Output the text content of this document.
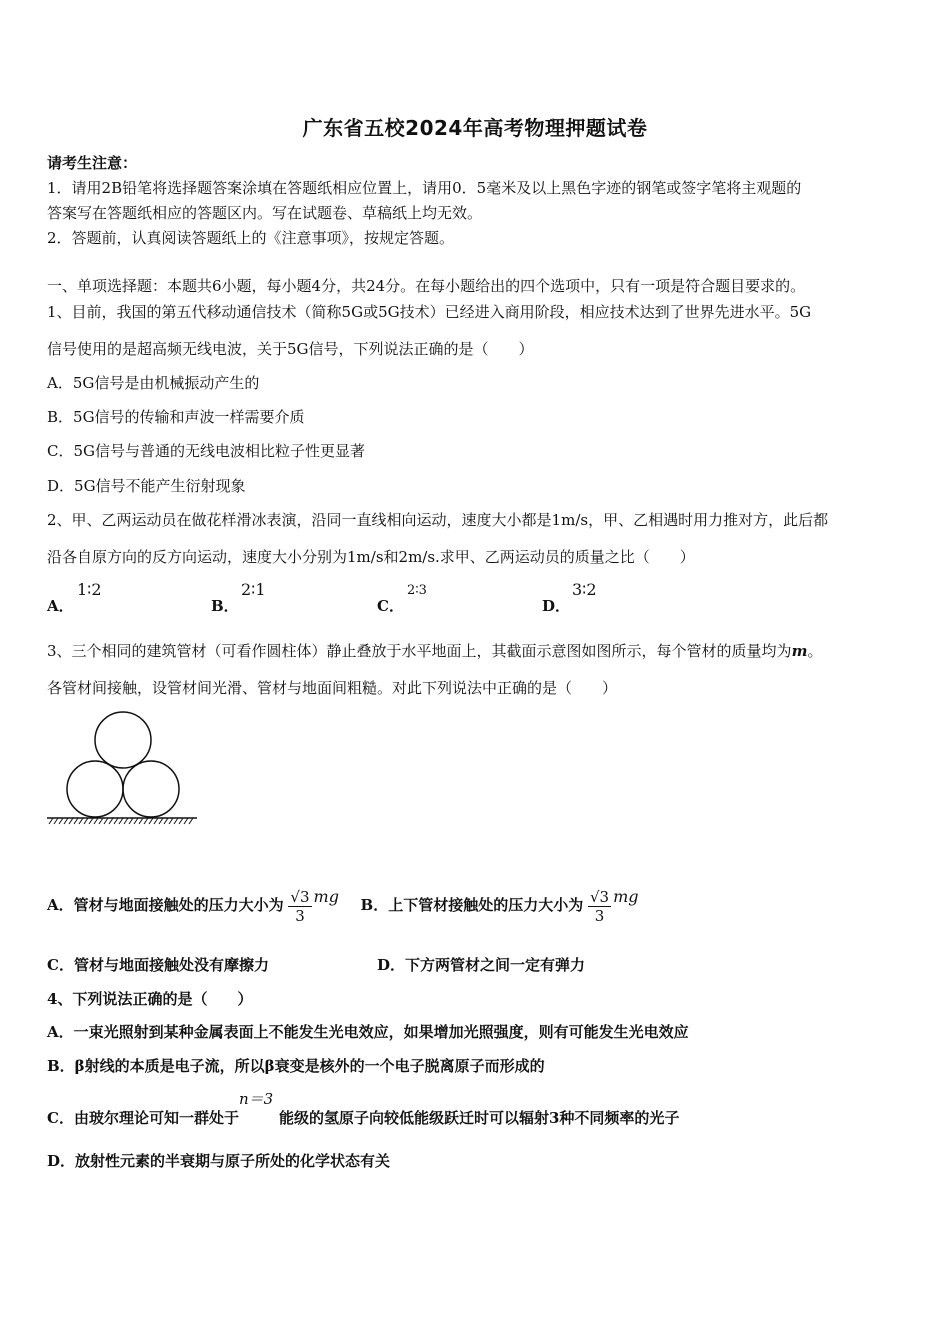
广东省五校2024年高考物理押题试卷
请考生注意：
1．请用2B铅笔将选择题答案涂填在答题纸相应位置上，请用0．5毫米及以上黑色字迹的钢笔或签字笔将主观题的
答案写在答题纸相应的答题区内。写在试题卷、草稿纸上均无效。
2．答题前，认真阅读答题纸上的《注意事项》，按规定答题。
一、单项选择题：本题共6小题，每小题4分，共24分。在每小题给出的四个选项中，只有一项是符合题目要求的。
1、目前，我国的第五代移动通信技术（简称5G或5G技术）已经进入商用阶段，相应技术达到了世界先进水平。5G
信号使用的是超高频无线电波，关于5G信号，下列说法正确的是（　　）
A．5G信号是由机械振动产生的
B．5G信号的传输和声波一样需要介质
C．5G信号与普通的无线电波相比粒子性更显著
D．5G信号不能产生衍射现象
2、甲、乙两运动员在做花样滑冰表演，沿同一直线相向运动，速度大小都是1m/s，甲、乙相遇时用力推对方，此后都
沿各自原方向的反方向运动，速度大小分别为1m/s和2m/s.求甲、乙两运动员的质量之比（　　）
A．
1∶2
B．
2∶1
C．
2∶3
D．
3∶2
3、三个相同的建筑管材（可看作圆柱体）静止叠放于水平地面上，其截面示意图如图所示，每个管材的质量均为m。
各管材间接触，设管材间光滑、管材与地面间粗糙。对此下列说法中正确的是（　　）
A．管材与地面接触处的压力大小为 $\frac{√3}{3}$ mg B．上下管材接触处的压力大小为 $\frac{√3}{3}$ mg
C．管材与地面接触处没有摩擦力	D．下方两管材之间一定有弹力
4、下列说法正确的是（　　）
A．一束光照射到某种金属表面上不能发生光电效应，如果增加光照强度，则有可能发生光电效应
B．β射线的本质是电子流，所以β衰变是核外的一个电子脱离原子而形成的
C．由玻尔理论可知一群处于
n＝3
能级的氢原子向较低能级跃迁时可以辐射3种不同频率的光子
D．放射性元素的半衰期与原子所处的化学状态有关
